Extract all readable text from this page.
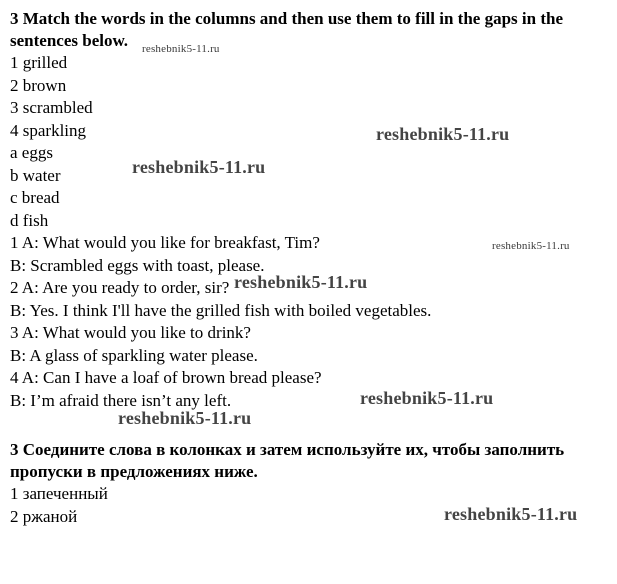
3 Match the words in the columns and then use them to fill in the gaps in the sentences below.

1 grilled
2 brown
3 scrambled
4 sparkling
a eggs
b water
c bread
d fish
1 A: What would you like for breakfast, Tim?
B: Scrambled eggs with toast, please.
2 A: Are you ready to order, sir?
B: Yes. I think I'll have the grilled fish with boiled vegetables.
3 A: What would you like to drink?
B: A glass of sparkling water please.
4 A: Can I have a loaf of brown bread please?
B: I’m afraid there isn’t any left.

3 Соедините слова в колонках и затем используйте их, чтобы заполнить пропуски в предложениях ниже.

1 запеченный
2 ржаной
reshebnik5-11.ru
reshebnik5-11.ru
reshebnik5-11.ru
reshebnik5-11.ru
reshebnik5-11.ru
reshebnik5-11.ru
reshebnik5-11.ru
reshebnik5-11.ru
